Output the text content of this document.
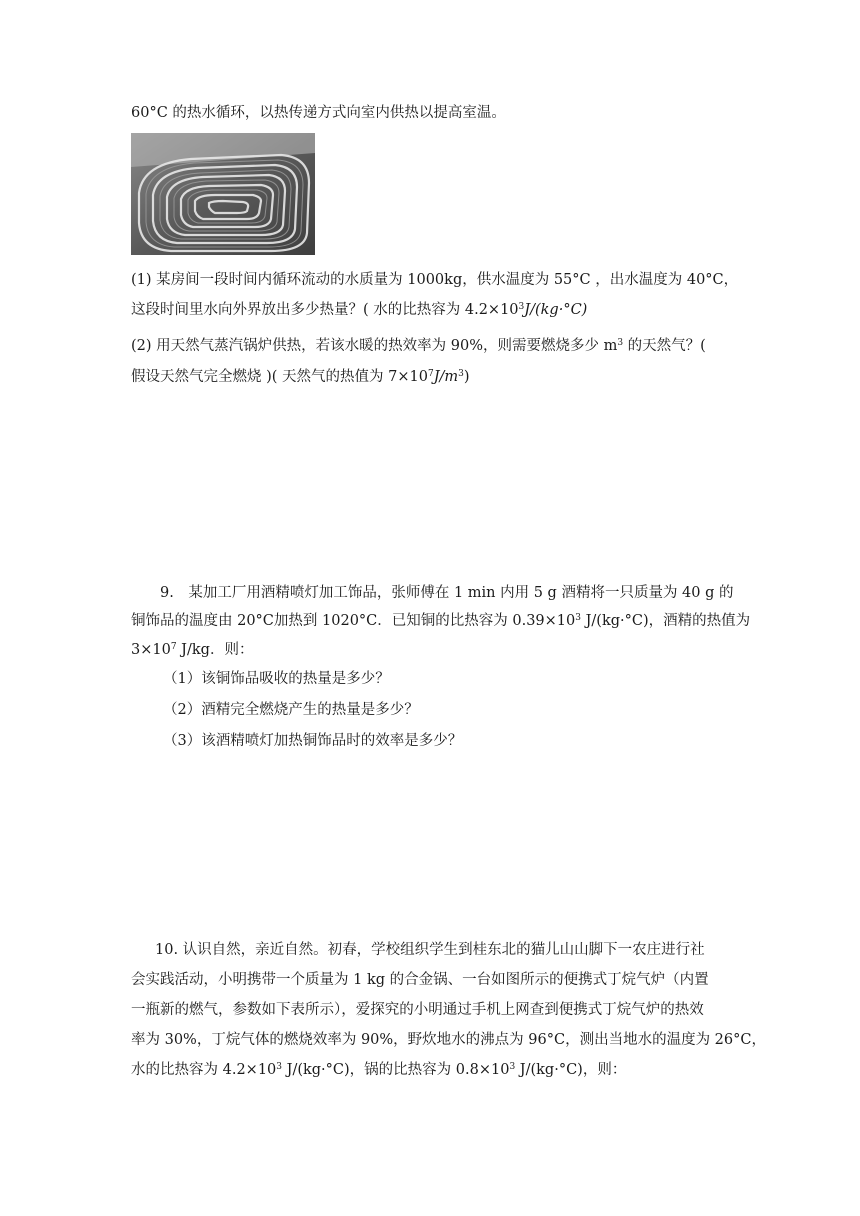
60°C 的热水循环，以热传递方式向室内供热以提高室温。
(1) 某房间一段时间内循环流动的水质量为 1000kg，供水温度为 55°C ，出水温度为 40°C，
这段时间里水向外界放出多少热量？( 水的比热容为 $4.2\times 10^3J/(kg\cdot^\circ C)$
(2) 用天然气蒸汽锅炉供热，若该水暖的热效率为 90%，则需要燃烧多少 $m^3$ 的天然气？(
假设天然气完全燃烧 )( 天然气的热值为 $7\times 10^7J/m^3$)
9.　某加工厂用酒精喷灯加工饰品，张师傅在 1 min 内用 5 g 酒精将一只质量为 40 g 的
铜饰品的温度由 20°C加热到 1020°C．已知铜的比热容为 $0.39\times 10^3$ J/(kg·°C)，酒精的热值为
$3\times 10^7$ J/kg．则：
（1）该铜饰品吸收的热量是多少？
（2）酒精完全燃烧产生的热量是多少？
（3）该酒精喷灯加热铜饰品时的效率是多少？
10. 认识自然，亲近自然。初春，学校组织学生到桂东北的猫儿山山脚下一农庄进行社
会实践活动，小明携带一个质量为 1 kg 的合金锅、一台如图所示的便携式丁烷气炉（内置
一瓶新的燃气，参数如下表所示），爱探究的小明通过手机上网查到便携式丁烷气炉的热效
率为 30%，丁烷气体的燃烧效率为 90%，野炊地水的沸点为 96°C，测出当地水的温度为 26°C，
水的比热容为 $4.2\times 10^3$ J/(kg·°C)，锅的比热容为 $0.8\times 10^3$ J/(kg·°C)，则：
